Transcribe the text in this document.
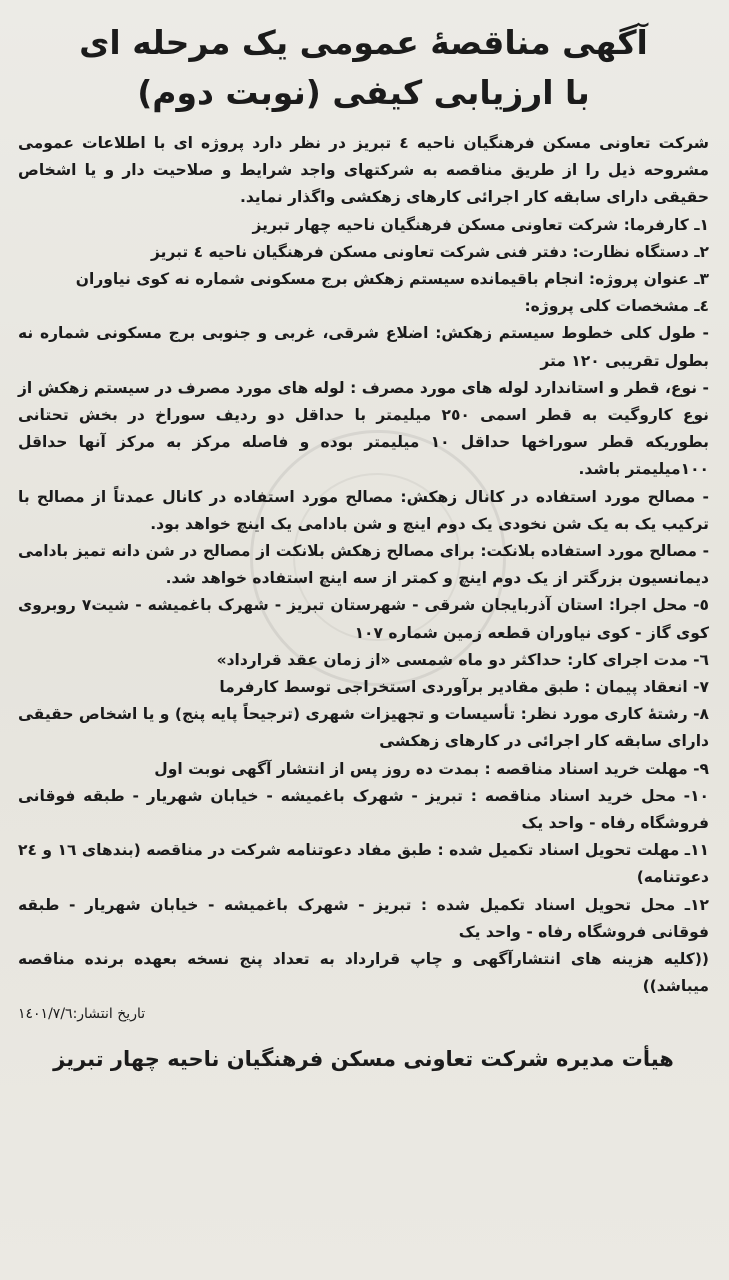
آگهی مناقصۀ عمومی یک مرحله ای
با ارزیابی کیفی (نوبت دوم)

شرکت تعاونی مسکن فرهنگیان ناحیه ٤ تبریز در نظر دارد پروژه ای با اطلاعات عمومی مشروحه ذیل را از طریق مناقصه به شرکتهای واجد شرایط و صلاحیت دار و یا اشخاص حقیقی دارای سابقه کار اجرائی کارهای زهکشی واگذار نماید.

١ـ کارفرما: شرکت تعاونی مسکن فرهنگیان ناحیه چهار تبریز

٢ـ دستگاه نظارت: دفتر فنی شرکت تعاونی مسکن فرهنگیان ناحیه ٤ تبریز

٣ـ عنوان پروژه: انجام باقیمانده سیستم زهکش برج مسکونی شماره نه کوی نیاوران

٤ـ مشخصات کلی پروژه:

- طول کلی خطوط سیستم زهکش: اضلاع شرقی، غربی و جنوبی برج مسکونی شماره نه بطول تقریبی ١٢٠ متر

- نوع، قطر و استاندارد لوله های مورد مصرف : لوله های مورد مصرف در سیستم زهکش از نوع کاروگیت به قطر اسمی ٢٥٠ میلیمتر با حداقل دو ردیف سوراخ در بخش تحتانی بطوریکه قطر سوراخها حداقل ١٠ میلیمتر بوده و فاصله مرکز به مرکز آنها حداقل ١٠٠میلیمتر باشد.

- مصالح مورد استفاده در کانال زهکش: مصالح مورد استفاده در کانال عمدتاً از مصالح با ترکیب یک به یک شن نخودی یک دوم اینچ و شن بادامی یک اینچ خواهد بود.

- مصالح مورد استفاده بلانکت: برای مصالح زهکش بلانکت از مصالح در شن دانه تمیز بادامی دیمانسیون بزرگتر از یک دوم اینچ و کمتر از سه اینچ استفاده خواهد شد.

٥- محل اجرا: استان آذربایجان شرقی - شهرستان تبریز - شهرک باغمیشه - شیت٧ روبروی کوی گاز - کوی نیاوران قطعه زمین شماره ١٠٧

٦- مدت اجرای کار: حداکثر دو ماه شمسی «از زمان عقد قرارداد»

٧- انعقاد پیمان : طبق مقادیر برآوردی استخراجی توسط کارفرما

٨- رشتۀ کاری مورد نظر: تأسیسات و تجهیزات شهری (ترجیحاً پایه پنج) و یا اشخاص حقیقی دارای سابقه کار اجرائی در کارهای زهکشی

٩- مهلت خرید اسناد مناقصه : بمدت ده روز پس از انتشار آگهی نوبت اول

١٠- محل خرید اسناد مناقصه : تبریز - شهرک باغمیشه - خیابان شهریار - طبقه فوقانی فروشگاه رفاه - واحد یک

١١ـ مهلت تحویل اسناد تکمیل شده : طبق مفاد دعوتنامه شرکت در مناقصه (بندهای ١٦ و ٢٤ دعوتنامه)

١٢ـ محل تحویل اسناد تکمیل شده : تبریز - شهرک باغمیشه - خیابان شهریار - طبقه فوقانی فروشگاه رفاه - واحد یک

((کلیه هزینه های انتشارآگهی و چاپ قرارداد به تعداد پنج نسخه بعهده برنده مناقصه میباشد))

تاریخ انتشار:١٤٠١/٧/٦
هیأت مدیره شرکت تعاونی مسکن فرهنگیان ناحیه چهار تبریز
